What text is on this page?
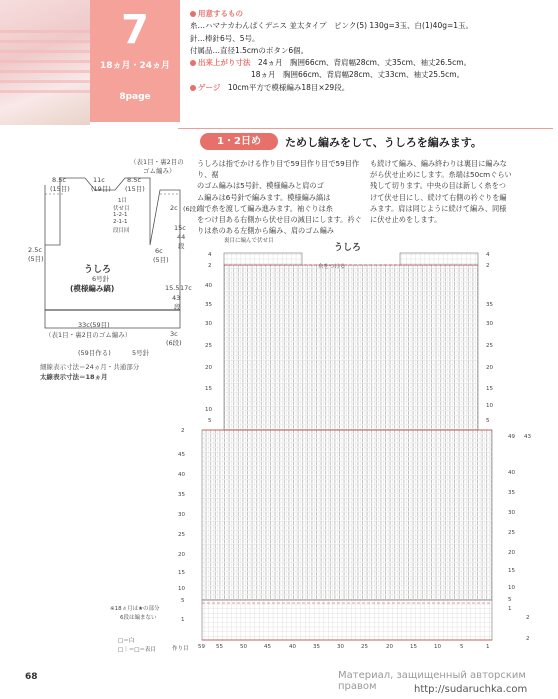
7
18ヵ月・24ヵ月
8page
用意するもの
糸…ハマナカわんぱくデニス 並太タイプ　ピンク(5) 130g=3玉、白(1)40g=1玉。
針…棒針6号、5号。
付属品…直径1.5cmのボタン6個。
出来上がり寸法　 24ヵ月　胸囲66cm、背肩幅28cm、丈35cm、袖丈26.5cm。
18ヵ月　胸囲66cm、背肩幅28cm、丈33cm、袖丈25.5cm。
ゲージ　 10cm平方で模様編み18目×29段。
1・2日め	ためし編みをして、うしろを編みます。
うしろは指でかける作り目で59目作り目で59目作り、裾
のゴム編みは5号針、模様編みと肩のゴ
ム編みは6号針で編みます。模様編み縞は
端で糸を渡して編み進みます。袖ぐりは糸
をつけ目ある右側から伏せ目の減目にします。衿ぐ
りは糸のある左側から編み、肩のゴム編み
も続けて編み、編み終わりは裏目に編みな
がら伏せ止めにします。糸端は50cmぐらい
残して切ります。中央の目は新しく糸をつ
けて伏せ目にし、続けて右側の衿ぐりを編
みます。肩は同じように続けて編み、同様
に伏せ止めをします。
（表1目・裏2目の
ゴム編み）
8.5c
(15目)
11c
(19目)
8.5c
(15目)
1目
伏せ目
1-2-1
2-1-1
段目回
2c (6段)
15c
44
段
2.5c
(5目)
6c
(5目)
うしろ
6号針
(模様編み縞)	15.5 17c
43
段
3c
(6段)
33c(59目)
（表1目・裏2目のゴム編み）
(59目作る)	5号針
細線表示寸法＝24ヵ月・共通部分
太線表示寸法＝18ヵ月
裏目に編んで伏せ目
うしろ
4
2
40
35
30
25
20
15
10
5
2
45
40
35
30
25
20
15
10
5
1
4
2
35
30
25
20
15
10
5
49 43
40
35
30
25
20
15
10
5
1
2
2
作り目 59 55	50	45	40	35	30	25	20	15	10	5	1
※18ヵ月は★の部分
6段は編まない
□＝白
□｜＝□＝表目
68	Материал, защищенный авторским правом	http://sudaruchka.com
